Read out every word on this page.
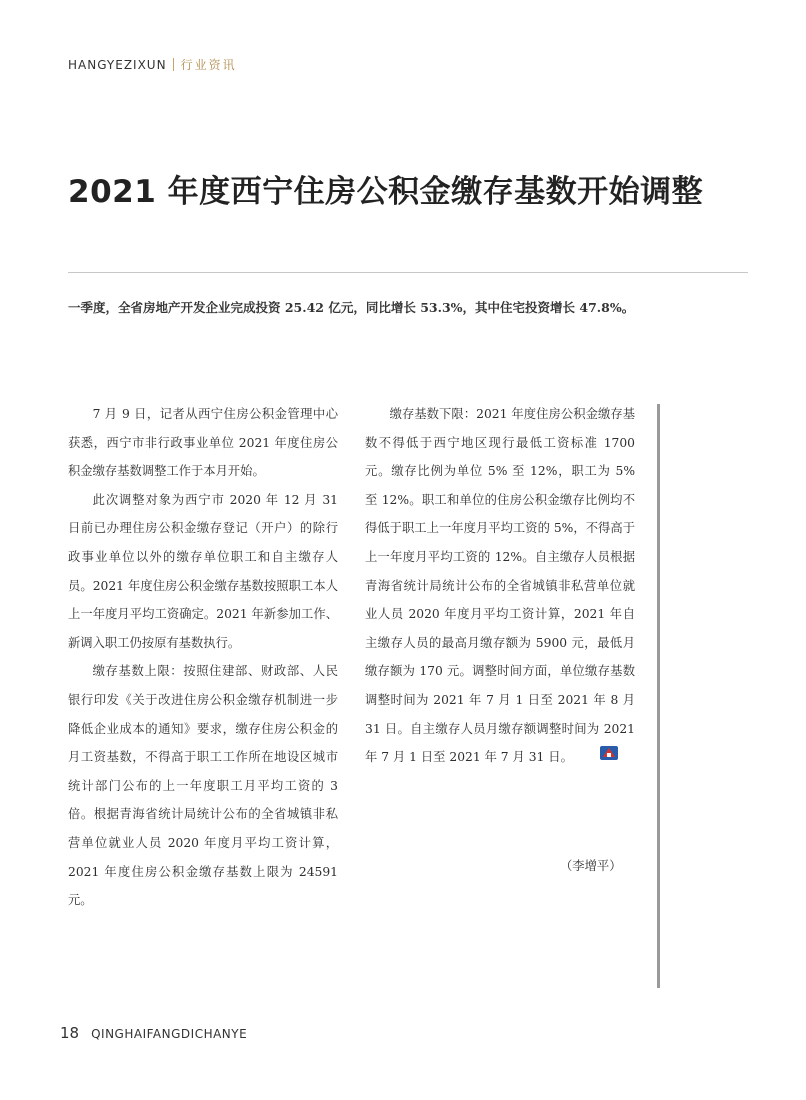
HANGYEZIXUN 行业资讯
2021 年度西宁住房公积金缴存基数开始调整

一季度，全省房地产开发企业完成投资 25.42 亿元，同比增长 53.3%，其中住宅投资增长 47.8%。

7 月 9 日，记者从西宁住房公积金管理中心获悉，西宁市非行政事业单位 2021 年度住房公积金缴存基数调整工作于本月开始。

此次调整对象为西宁市 2020 年 12 月 31 日前已办理住房公积金缴存登记（开户）的除行政事业单位以外的缴存单位职工和自主缴存人员。2021 年度住房公积金缴存基数按照职工本人上一年度月平均工资确定。2021 年新参加工作、新调入职工仍按原有基数执行。

缴存基数上限：按照住建部、财政部、人民银行印发《关于改进住房公积金缴存机制进一步降低企业成本的通知》要求，缴存住房公积金的月工资基数，不得高于职工工作所在地设区城市统计部门公布的上一年度职工月平均工资的 3 倍。根据青海省统计局统计公布的全省城镇非私营单位就业人员 2020 年度月平均工资计算，2021 年度住房公积金缴存基数上限为 24591 元。

缴存基数下限：2021 年度住房公积金缴存基数不得低于西宁地区现行最低工资标准 1700 元。缴存比例为单位 5% 至 12%，职工为 5% 至 12%。职工和单位的住房公积金缴存比例均不得低于职工上一年度月平均工资的 5%，不得高于上一年度月平均工资的 12%。自主缴存人员根据青海省统计局统计公布的全省城镇非私营单位就业人员 2020 年度月平均工资计算，2021 年自主缴存人员的最高月缴存额为 5900 元，最低月缴存额为 170 元。调整时间方面，单位缴存基数调整时间为 2021 年 7 月 1 日至 2021 年 8 月 31 日。自主缴存人员月缴存额调整时间为 2021 年 7 月 1 日至 2021 年 7 月 31 日。

（李增平）
18 QINGHAIFANGDICHANYE
